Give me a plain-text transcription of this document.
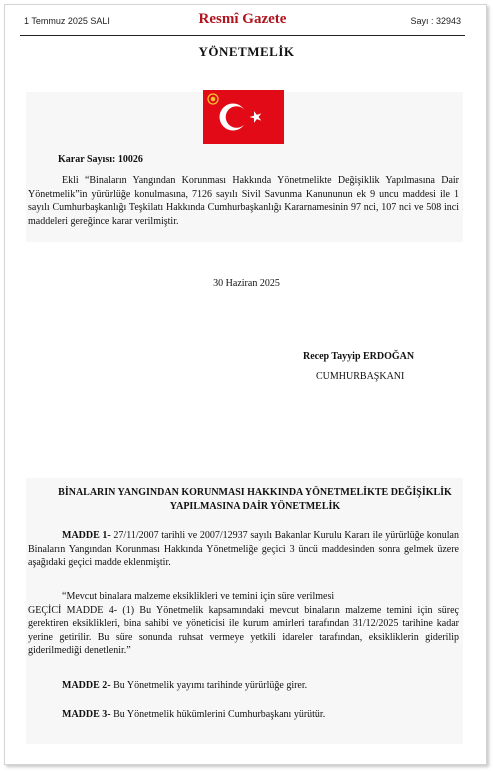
1 Temmuz 2025 SALI	Resmî Gazete	Sayı : 32943
YÖNETMELİK
Karar Sayısı: 10026
Ekli “Binaların Yangından Korunması Hakkında Yönetmelikte Değişiklik Yapılmasına Dair Yönetmelik”in yürürlüğe konulmasına, 7126 sayılı Sivil Savunma Kanununun ek 9 uncu maddesi ile 1 sayılı Cumhurbaşkanlığı Teşkilatı Hakkında Cumhurbaşkanlığı Kararnamesinin 97 nci, 107 nci ve 508 inci maddeleri gereğince karar verilmiştir.
30 Haziran 2025
Recep Tayyip ERDOĞAN
CUMHURBAŞKANI
BİNALARIN YANGINDAN KORUNMASI HAKKINDA YÖNETMELİKTE DEĞİŞİKLİK YAPILMASINA DAİR YÖNETMELİK
MADDE 1- 27/11/2007 tarihli ve 2007/12937 sayılı Bakanlar Kurulu Kararı ile yürürlüğe konulan Binaların Yangından Korunması Hakkında Yönetmeliğe geçici 3 üncü maddesinden sonra gelmek üzere aşağıdaki geçici madde eklenmiştir.
“Mevcut binalara malzeme eksiklikleri ve temini için süre verilmesi
GEÇİCİ MADDE 4- (1) Bu Yönetmelik kapsamındaki mevcut binaların malzeme temini için süreç gerektiren eksiklikleri, bina sahibi ve yöneticisi ile kurum amirleri tarafından 31/12/2025 tarihine kadar yerine getirilir. Bu süre sonunda ruhsat vermeye yetkili idareler tarafından, eksikliklerin giderilip giderilmediği denetlenir.”
MADDE 2- Bu Yönetmelik yayımı tarihinde yürürlüğe girer.
MADDE 3- Bu Yönetmelik hükümlerini Cumhurbaşkanı yürütür.
